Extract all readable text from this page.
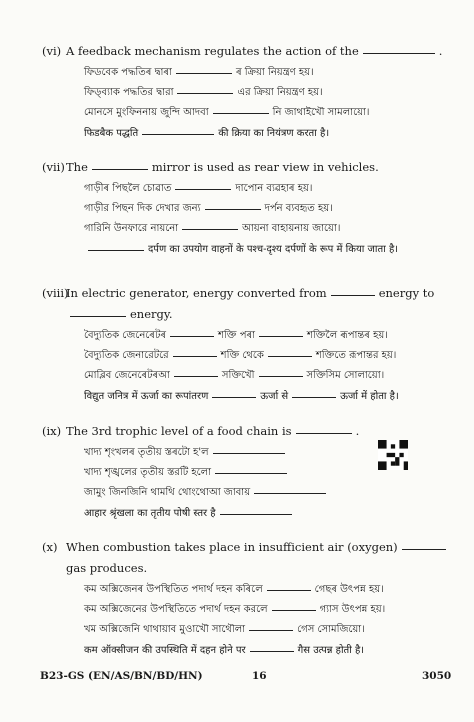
(vi) A feedback mechanism regulates the action of the	.
ফিডবেক পদ্ধতিৰ দ্বাৰা	ৰ ক্ৰিয়া নিয়ন্ত্ৰণ হয়।
ফিড্‌ব্যাক পদ্ধতির দ্বারা	এর ক্রিয়া নিয়ন্ত্রণ হয়।
মোনসে মুংফিননায় জুন্দি আদবা	নি জাথাইখৌ সামলায়ো।
फिडबैक पद्धति	की क्रिया का नियंत्रण करता है।
(vii) The	mirror is used as rear view in vehicles.
গাড়ীৰ পিছলৈ চোৱাত	দাপোন ব্যৱহাৰ হয়।
গাড়ীর পিছন দিক দেখার জন্য	দর্পন ব্যবহৃত হয়।
গারিনি উনফারে নায়নো	আয়না বাহায়নায় জায়ো।
दर्पण का उपयोग वाहनों के पश्च-दृश्य दर्पणों के रूप में किया जाता है।
(viii)
In electric generator, energy converted from	energy to
energy.
বৈদ্যুতিক জেনেৰেটৰ	শক্তি পৰা	শক্তিলৈ ৰূপান্তৰ হয়।
বৈদ্যুতিক জেনারেটরে	শক্তি থেকে	শক্তিতে রূপান্তর হয়।
মোব্লিব জেনেৰেটৰআ	সক্তিখৌ	সক্তিসিম সোলায়ো।
विद्युत जनित्र में ऊर्जा का रूपांतरण	ऊर्जा से	ऊर्जा में होता है।
(ix) The 3rd trophic level of a food chain is	.
খাদ্য শৃংখলৰ তৃতীয় স্তৰটো হ'ল
খাদ্য শৃঙ্খলের তৃতীয় স্তরটি হলো
জামুং জিনজিনি থামথি থোংথোআ জাবায়
आहार श्रृंखला का तृतीय पोषी स्तर है
(x) When combustion takes place in insufficient air (oxygen)
gas produces.
কম অক্সিজেনৰ উপস্থিতিত পদাৰ্থ দহন কৰিলে	গেছৰ উৎপন্ন হয়।
কম অক্সিজেনের উপস্থিতিতে পদার্থ দহন করলে	গ্যাস উৎপন্ন হয়।
খম অক্সিজেনি থাথায়াব মুওাখৌ সাথৌলা	গেস সোমজিয়ো।
कम ऑक्सीजन की उपस्थिति में दहन होने पर	गैस उत्पन्न होती है।
B23-GS (EN/AS/BN/BD/HN)	16	3050
